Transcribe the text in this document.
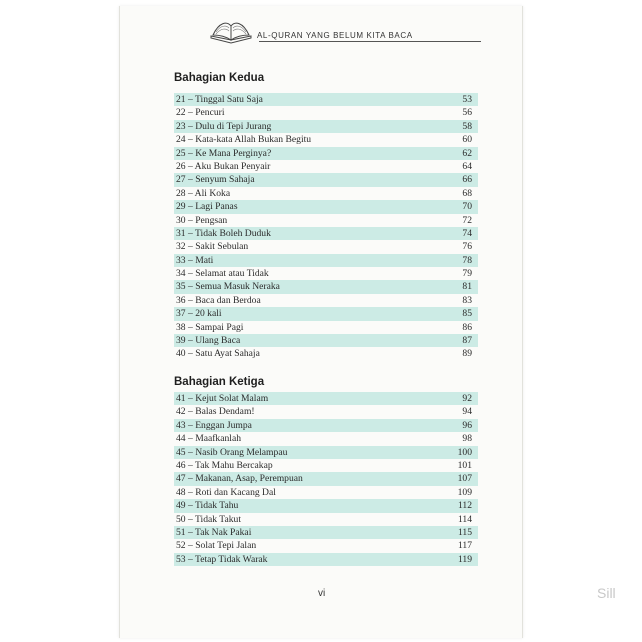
AL-QURAN YANG BELUM KITA BACA
Bahagian Kedua
21 – Tinggal Satu Saja	53
22 – Pencuri	56
23 – Dulu di Tepi Jurang	58
24 – Kata-kata Allah Bukan Begitu	60
25 – Ke Mana Perginya?	62
26 – Aku Bukan Penyair	64
27 – Senyum Sahaja	66
28 – Ali Koka	68
29 – Lagi Panas	70
30 – Pengsan	72
31 – Tidak Boleh Duduk	74
32 – Sakit Sebulan	76
33 – Mati	78
34 – Selamat atau Tidak	79
35 – Semua Masuk Neraka	81
36 – Baca dan Berdoa	83
37 – 20 kali	85
38 – Sampai Pagi	86
39 – Ulang Baca	87
40 – Satu Ayat Sahaja	89
Bahagian Ketiga
41 – Kejut Solat Malam	92
42 – Balas Dendam!	94
43 – Enggan Jumpa	96
44 – Maafkanlah	98
45 – Nasib Orang Melampau	100
46 – Tak Mahu Bercakap	101
47 – Makanan, Asap, Perempuan	107
48 – Roti dan Kacang Dal	109
49 – Tidak Tahu	112
50 – Tidak Takut	114
51 – Tak Nak Pakai	115
52 – Solat Tepi Jalan	117
53 – Tetap Tidak Warak	119
vi	Sill
